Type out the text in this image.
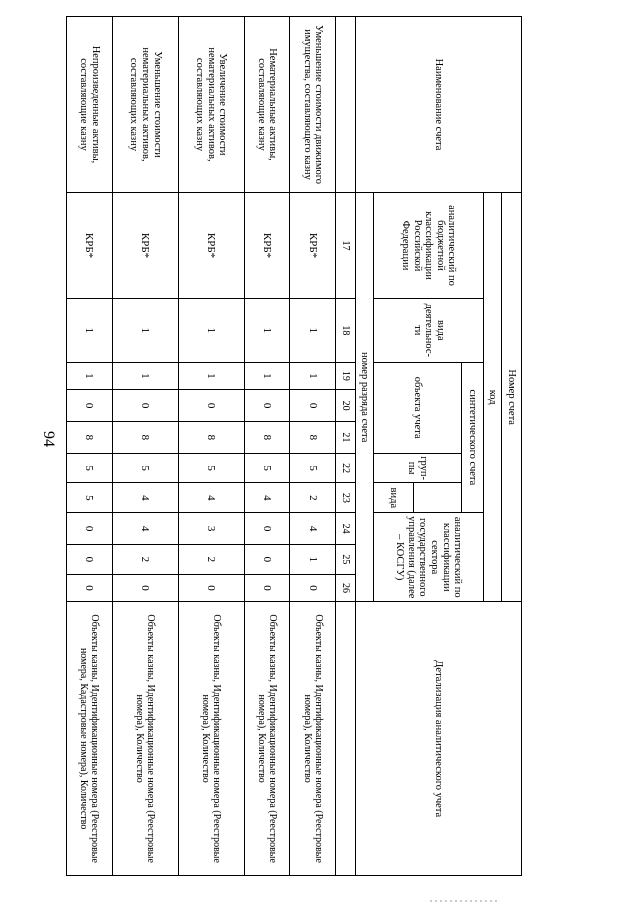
94
Наименование счета	Номер счета										Детализация аналитического учета
	код										
	аналитический по бюджетной классификации Российской Федерации	вида деятельнос-ти	синтетического счета					аналитический по классификации сектора государственного управления (далее – КОСГУ)			
			объекта учета			груп-пы					
							вида				
	номер разряда счета										
	17	18	19	20	21	22	23	24	25	26	
Уменьшение стоимости движимого имущества, составляющего казну	КРБ*	1	1	0	8	5	2	4	1	0	Объекты казны, Идентификационные номера (Реестровые номера), Количество
Нематериальные активы, составляющие казну	КРБ*	1	1	0	8	5	4	0	0	0	Объекты казны, Идентификационные номера (Реестровые номера), Количество
Увеличение стоимости нематериальных активов, составляющих казну	КРБ*	1	1	0	8	5	4	3	2	0	Объекты казны, Идентификационные номера (Реестровые номера), Количество
Уменьшение стоимости нематериальных активов, составляющих казну	КРБ*	1	1	0	8	5	4	4	2	0	Объекты казны, Идентификационные номера (Реестровые номера), Количество
Непроизведенные активы, составляющие казну	КРБ*	1	1	0	8	5	5	0	0	0	Объекты казны, Идентификационные номера (Реестровые номера, Кадастровые номера), Количество
